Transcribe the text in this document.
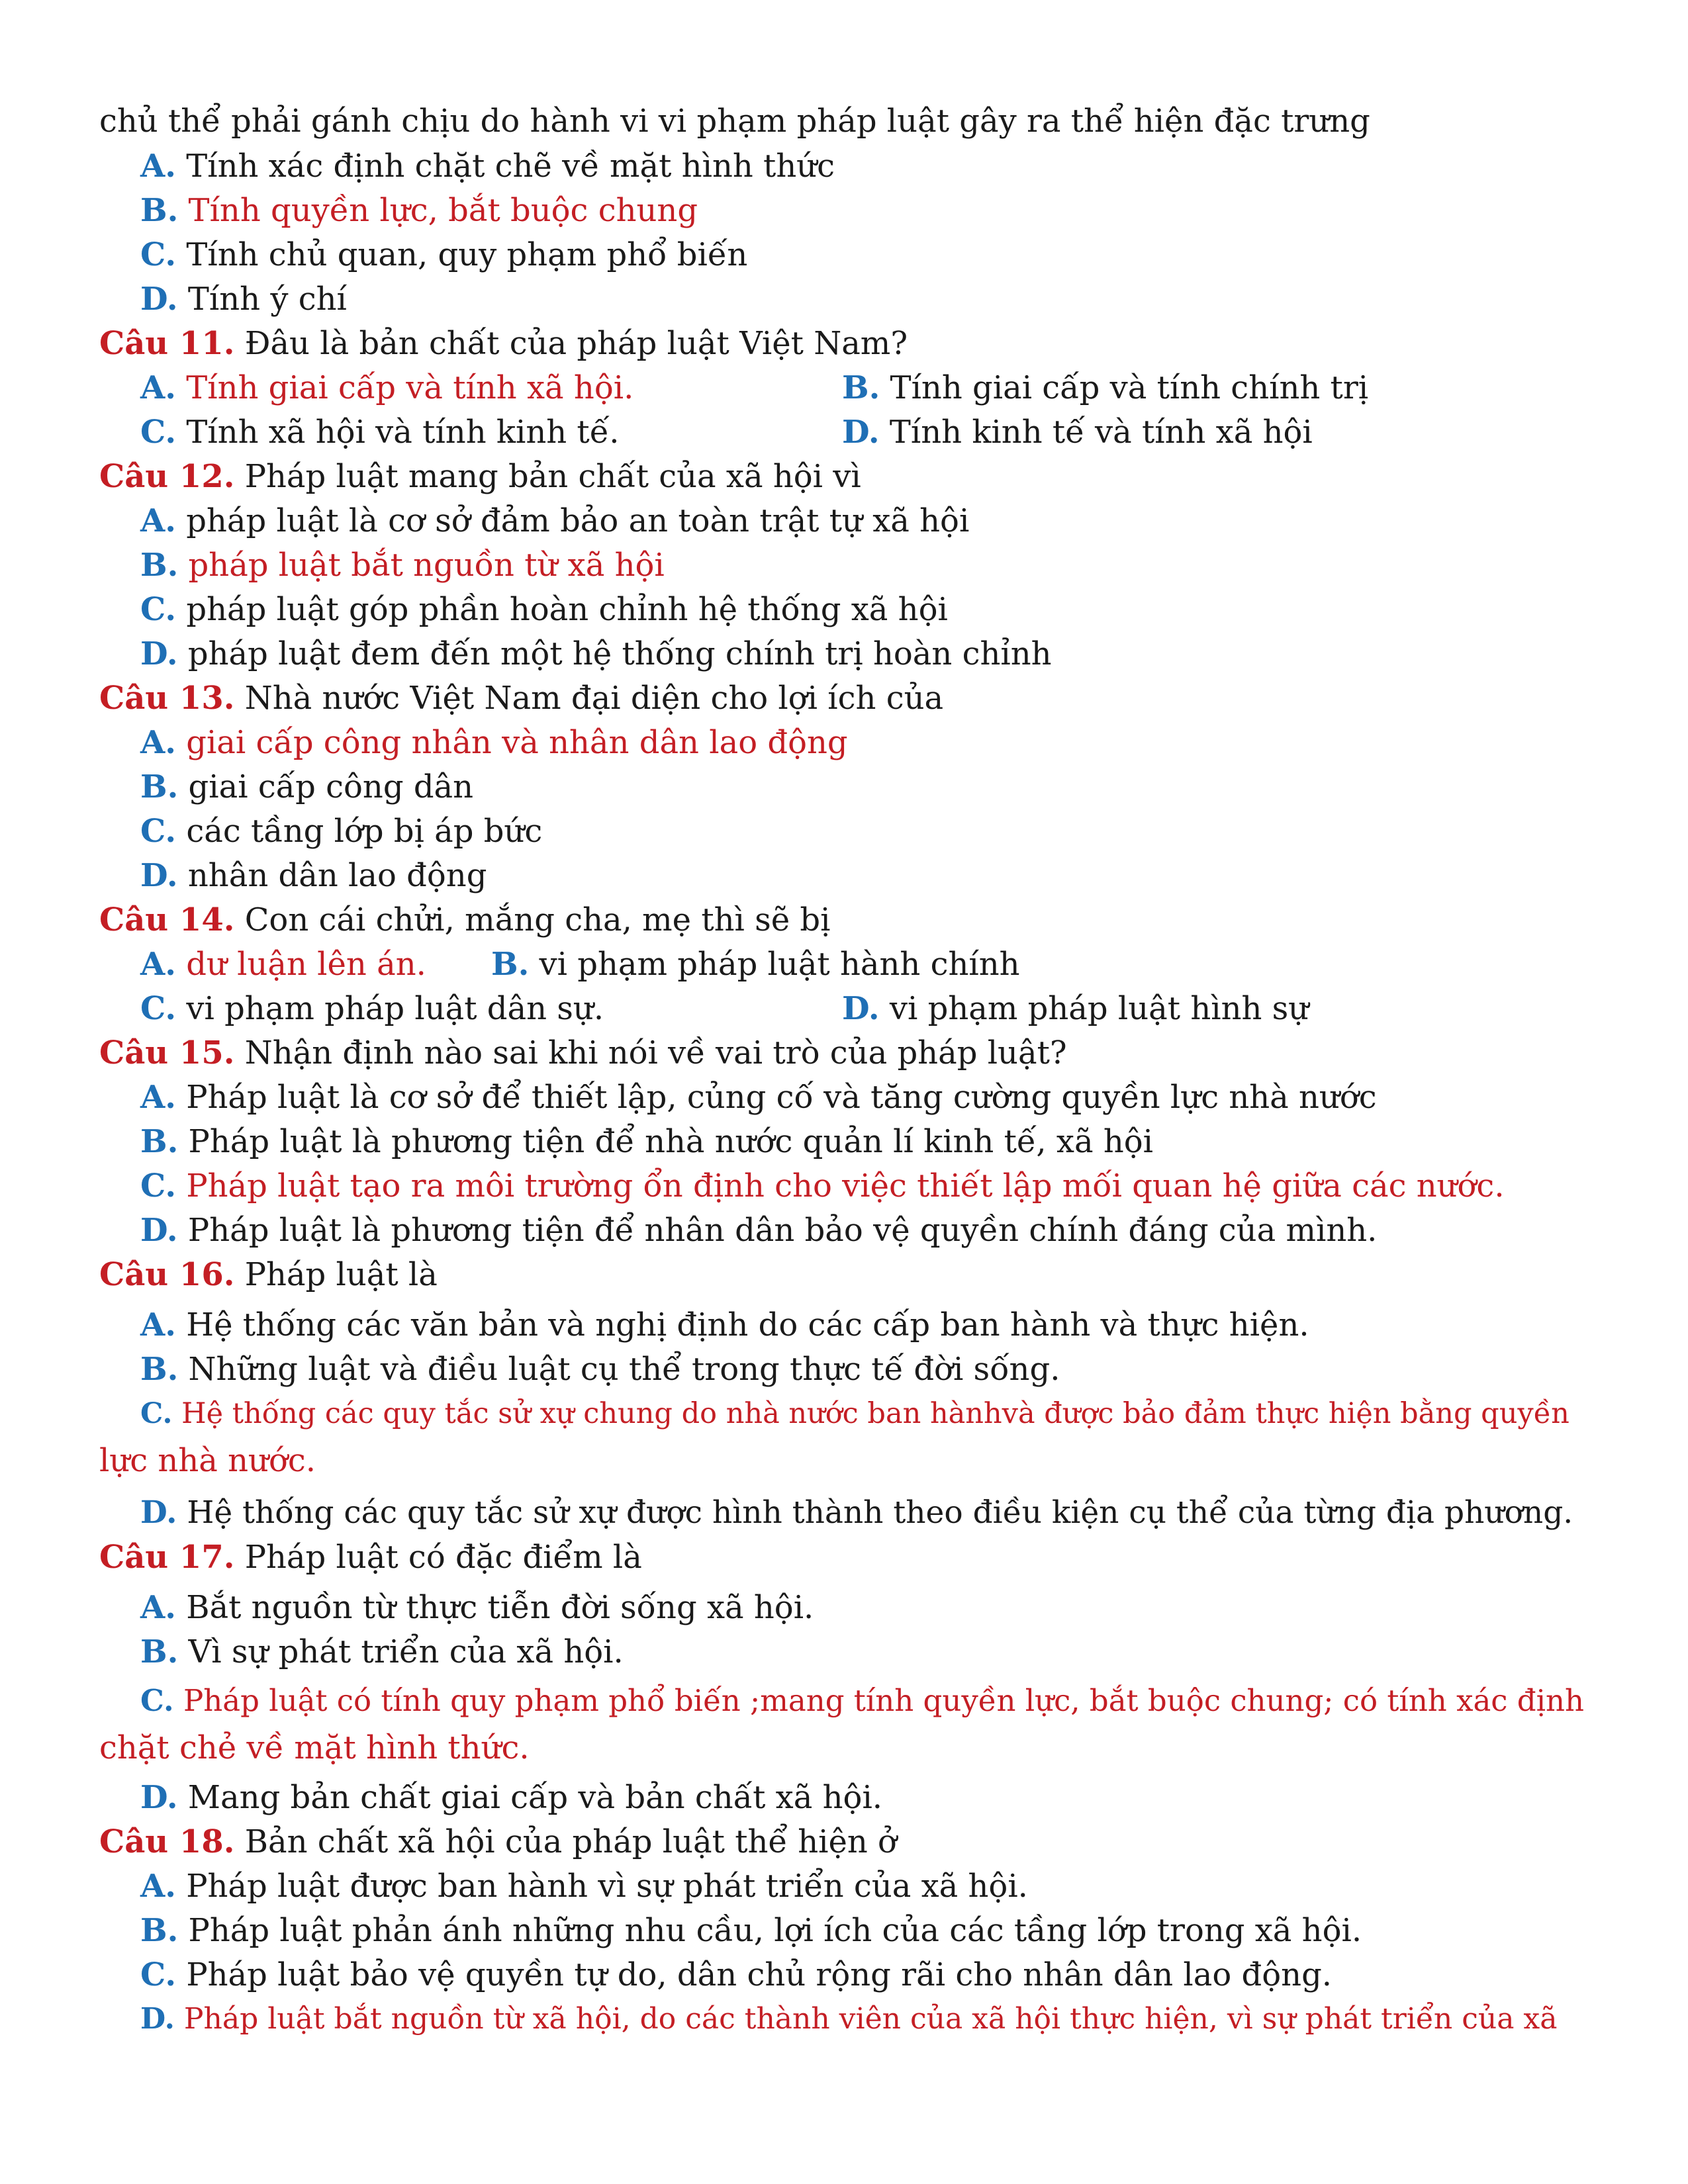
chủ thể phải gánh chịu do hành vi vi phạm pháp luật gây ra thể hiện đặc trưng
A. Tính xác định chặt chẽ về mặt hình thức
B. Tính quyền lực, bắt buộc chung
C. Tính chủ quan, quy phạm phổ biến
D. Tính ý chí
Câu 11. Đâu là bản chất của pháp luật Việt Nam?
A. Tính giai cấp và tính xã hội.	B. Tính giai cấp và tính chính trị
C. Tính xã hội và tính kinh tế.	D. Tính kinh tế và tính xã hội
Câu 12. Pháp luật mang bản chất của xã hội vì
A. pháp luật là cơ sở đảm bảo an toàn trật tự xã hội
B. pháp luật bắt nguồn từ xã hội
C. pháp luật góp phần hoàn chỉnh hệ thống xã hội
D. pháp luật đem đến một hệ thống chính trị hoàn chỉnh
Câu 13. Nhà nước Việt Nam đại diện cho lợi ích của
A. giai cấp công nhân và nhân dân lao động
B. giai cấp công dân
C. các tầng lớp bị áp bức
D. nhân dân lao động
Câu 14. Con cái chửi, mắng cha, mẹ thì sẽ bị
A. dư luận lên án. B. vi phạm pháp luật hành chính
C. vi phạm pháp luật dân sự.	D. vi phạm pháp luật hình sự
Câu 15. Nhận định nào sai khi nói về vai trò của pháp luật?
A. Pháp luật là cơ sở để thiết lập, củng cố và tăng cường quyền lực nhà nước
B. Pháp luật là phương tiện để nhà nước quản lí kinh tế, xã hội
C. Pháp luật tạo ra môi trường ổn định cho việc thiết lập mối quan hệ giữa các nước.
D. Pháp luật là phương tiện để nhân dân bảo vệ quyền chính đáng của mình.
Câu 16. Pháp luật là
A. Hệ thống các văn bản và nghị định do các cấp ban hành và thực hiện.
B. Những luật và điều luật cụ thể trong thực tế đời sống.
C. Hệ thống các quy tắc sử xự chung do nhà nước ban hànhvà được bảo đảm thực hiện bằng quyền
lực nhà nước.
D. Hệ thống các quy tắc sử xự được hình thành theo điều kiện cụ thể của từng địa phương.
Câu 17. Pháp luật có đặc điểm là
A. Bắt nguồn từ thực tiễn đời sống xã hội.
B. Vì sự phát triển của xã hội.
C. Pháp luật có tính quy phạm phổ biến ;mang tính quyền lực, bắt buộc chung; có tính xác định
chặt chẻ về mặt hình thức.
D. Mang bản chất giai cấp và bản chất xã hội.
Câu 18. Bản chất xã hội của pháp luật thể hiện ở
A. Pháp luật được ban hành vì sự phát triển của xã hội.
B. Pháp luật phản ánh những nhu cầu, lợi ích của các tầng lớp trong xã hội.
C. Pháp luật bảo vệ quyền tự do, dân chủ rộng rãi cho nhân dân lao động.
D. Pháp luật bắt nguồn từ xã hội, do các thành viên của xã hội thực hiện, vì sự phát triển của xã
